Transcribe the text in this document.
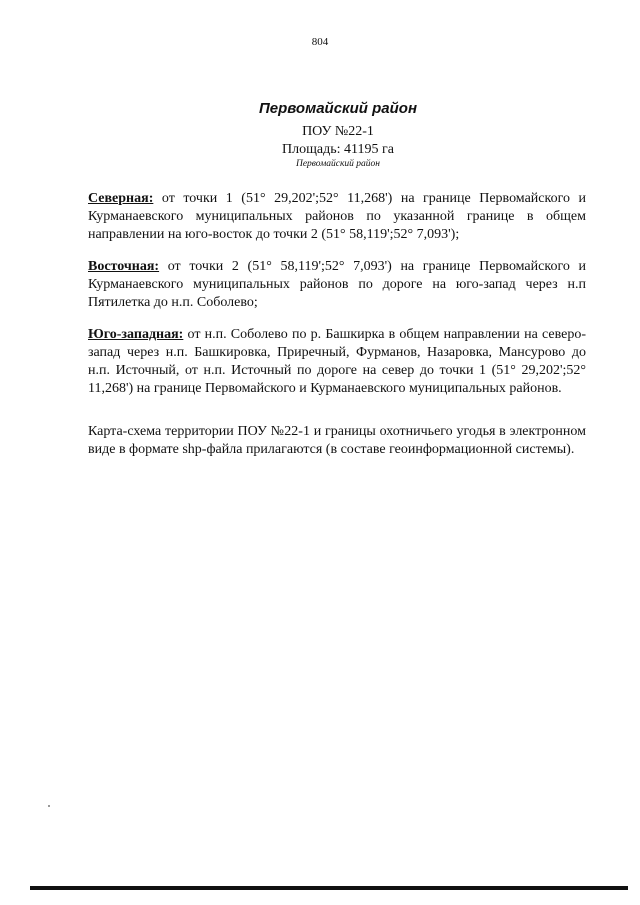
804
Первомайский район
ПОУ №22-1
Площадь: 41195 га
Первомайский район
Северная: от точки 1 (51° 29,202';52° 11,268') на границе Первомайского и Курманаевского муниципальных районов по указанной границе в общем направлении на юго-восток до точки 2 (51° 58,119';52° 7,093');
Восточная: от точки 2 (51° 58,119';52° 7,093') на границе Первомайского и Курманаевского муниципальных районов по дороге на юго-запад через н.п Пятилетка до н.п. Соболево;
Юго-западная: от н.п. Соболево по р. Башкирка в общем направлении на северо-запад через н.п. Башкировка, Приречный, Фурманов, Назаровка, Мансурово до н.п. Источный, от н.п. Источный по дороге на север до точки 1 (51° 29,202';52° 11,268') на границе Первомайского и Курманаевского муниципальных районов.
Карта-схема территории ПОУ №22-1 и границы охотничьего угодья в электронном виде в формате shp-файла прилагаются (в составе геоинформационной системы).
